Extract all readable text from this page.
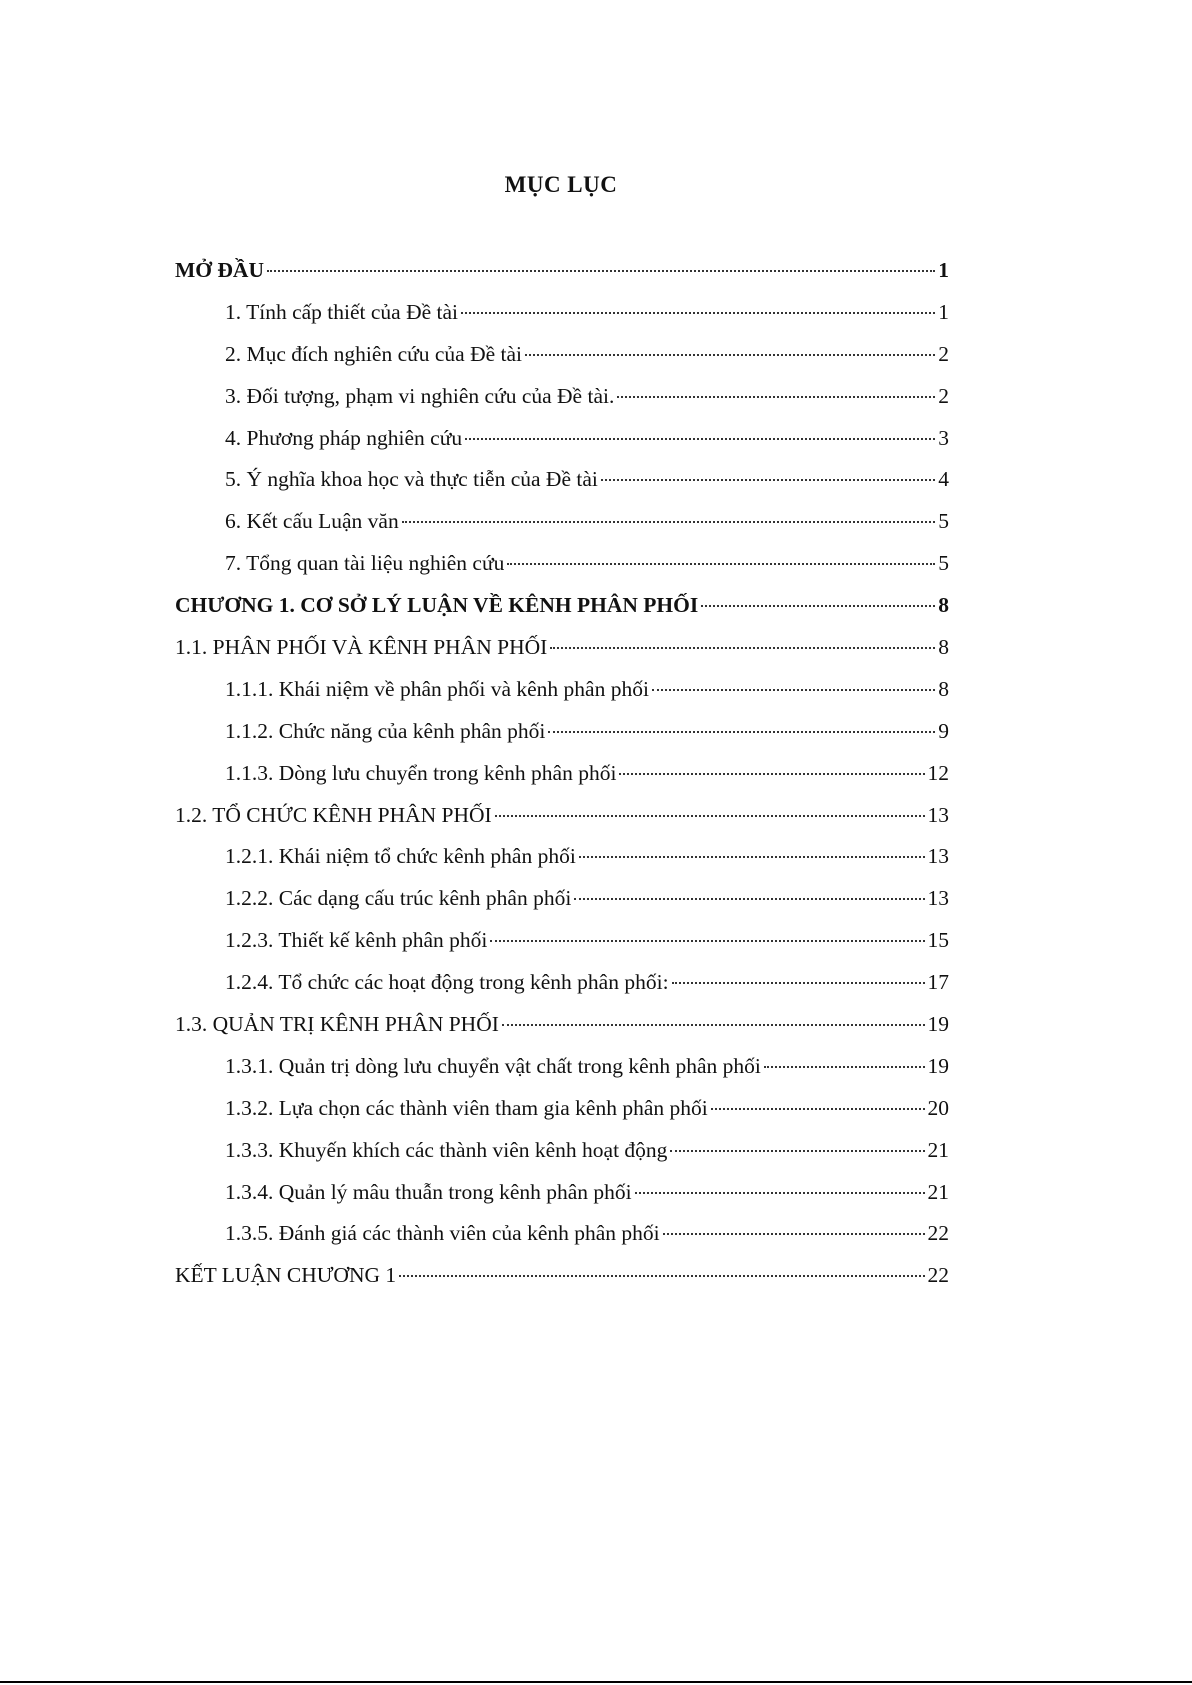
MỤC LỤC
MỞ ĐẦU	1
1. Tính cấp thiết của Đề tài	1
2. Mục đích nghiên cứu của Đề tài	2
3. Đối tượng, phạm vi nghiên cứu của Đề tài.	2
4. Phương pháp nghiên cứu	3
5. Ý nghĩa khoa học và thực tiễn của Đề tài	4
6. Kết cấu Luận văn	5
7. Tổng quan tài liệu nghiên cứu	5
CHƯƠNG 1. CƠ SỞ LÝ LUẬN VỀ KÊNH PHÂN PHỐI	8
1.1. PHÂN PHỐI VÀ KÊNH PHÂN PHỐI	8
1.1.1. Khái niệm về phân phối và kênh phân phối	8
1.1.2. Chức năng của kênh phân phối	9
1.1.3. Dòng lưu chuyển trong kênh phân phối	12
1.2. TỔ CHỨC KÊNH PHÂN PHỐI	13
1.2.1. Khái niệm tổ chức kênh phân phối	13
1.2.2. Các dạng cấu trúc kênh phân phối	13
1.2.3. Thiết kế kênh phân phối	15
1.2.4. Tổ chức các hoạt động trong kênh phân phối:	17
1.3. QUẢN TRỊ KÊNH PHÂN PHỐI	19
1.3.1. Quản trị dòng lưu chuyển vật chất trong kênh phân phối	19
1.3.2. Lựa chọn các thành viên tham gia kênh phân phối	20
1.3.3. Khuyến khích các thành viên kênh hoạt động	21
1.3.4. Quản lý mâu thuẫn trong kênh phân phối	21
1.3.5. Đánh giá các thành viên của kênh phân phối	22
KẾT LUẬN CHƯƠNG 1	22
